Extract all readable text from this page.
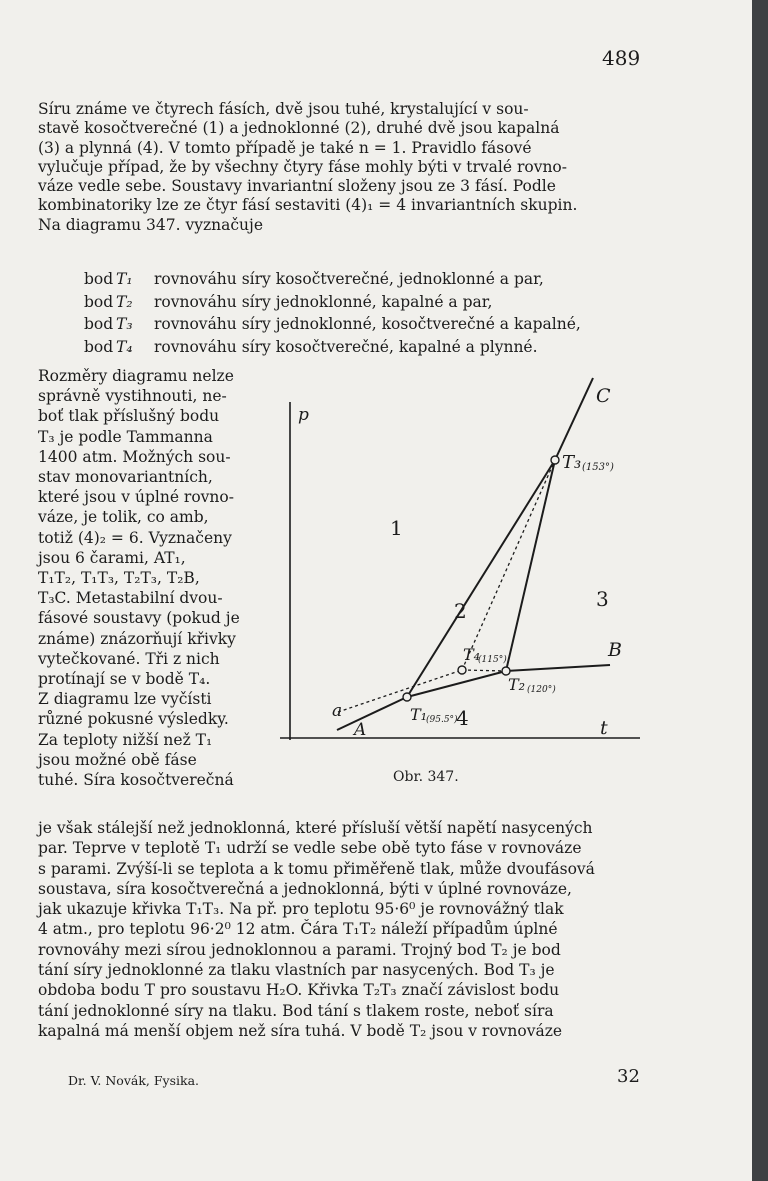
489
Síru známe ve čtyrech fásích, dvě jsou tuhé, krystalující v sou-
stavě kosočtverečné (1) a jednoklonné (2), druhé dvě jsou kapalná
(3) a plynná (4). V tomto případě je také n = 1. Pravidlo fásové
vylučuje případ, že by všechny čtyry fáse mohly býti v trvalé rovno-
váze vedle sebe. Soustavy invariantní složeny jsou ze 3 fásí. Podle
kombinatoriky lze ze čtyr fásí sestaviti (4)₁ = 4 invariantních skupin.
Na diagramu 347. vyznačuje
bod T₁ rovnováhu síry kosočtverečné, jednoklonné a par,
bod T₂ rovnováhu síry jednoklonné, kapalné a par,
bod T₃ rovnováhu síry jednoklonné, kosočtverečné a kapalné,
bod T₄ rovnováhu síry kosočtverečné, kapalné a plynné.
Rozměry diagramu nelze
správně vystihnouti, ne-
boť tlak příslušný bodu
T₃ je podle Tammanna
1400 atm. Možných sou-
stav monovariantních,
které jsou v úplné rovno-
váze, je tolik, co amb,
totiž (4)₂ = 6. Vyznačeny
jsou 6 čarami, AT₁,
T₁T₂, T₁T₃, T₂T₃, T₂B,
T₃C. Metastabilní dvou-
fásové soustavy (pokud je
známe) znázorňují křivky
vytečkované. Tři z nich
protínají se v bodě T₄.
Z diagramu lze vyčísti
různé pokusné výsledky.
Za teploty nižší než T₁
jsou možné obě fáse
tuhé. Síra kosočtverečná
p
t
C
B
A
a
1
2	3
4
T₃ (153°)
T₄
(115°)
T₂ (120°)
T₁
(95.5°)
Obr. 347.
je však stálejší než jednoklonná, které přísluší větší napětí nasycených
par. Teprve v teplotě T₁ udrží se vedle sebe obě tyto fáse v rovnováze
s parami. Zvýší-li se teplota a k tomu přiměřeně tlak, může dvoufásová
soustava, síra kosočtverečná a jednoklonná, býti v úplné rovnováze,
jak ukazuje křivka T₁T₃. Na př. pro teplotu 95·6⁰ je rovnovážný tlak
4 atm., pro teplotu 96·2⁰ 12 atm. Čára T₁T₂ náleží případům úplné
rovnováhy mezi sírou jednoklonnou a parami. Trojný bod T₂ je bod
tání síry jednoklonné za tlaku vlastních par nasycených. Bod T₃ je
obdoba bodu T pro soustavu H₂O. Křivka T₂T₃ značí závislost bodu
tání jednoklonné síry na tlaku. Bod tání s tlakem roste, neboť síra
kapalná má menší objem než síra tuhá. V bodě T₂ jsou v rovnováze
Dr. V. Novák, Fysika.	32
